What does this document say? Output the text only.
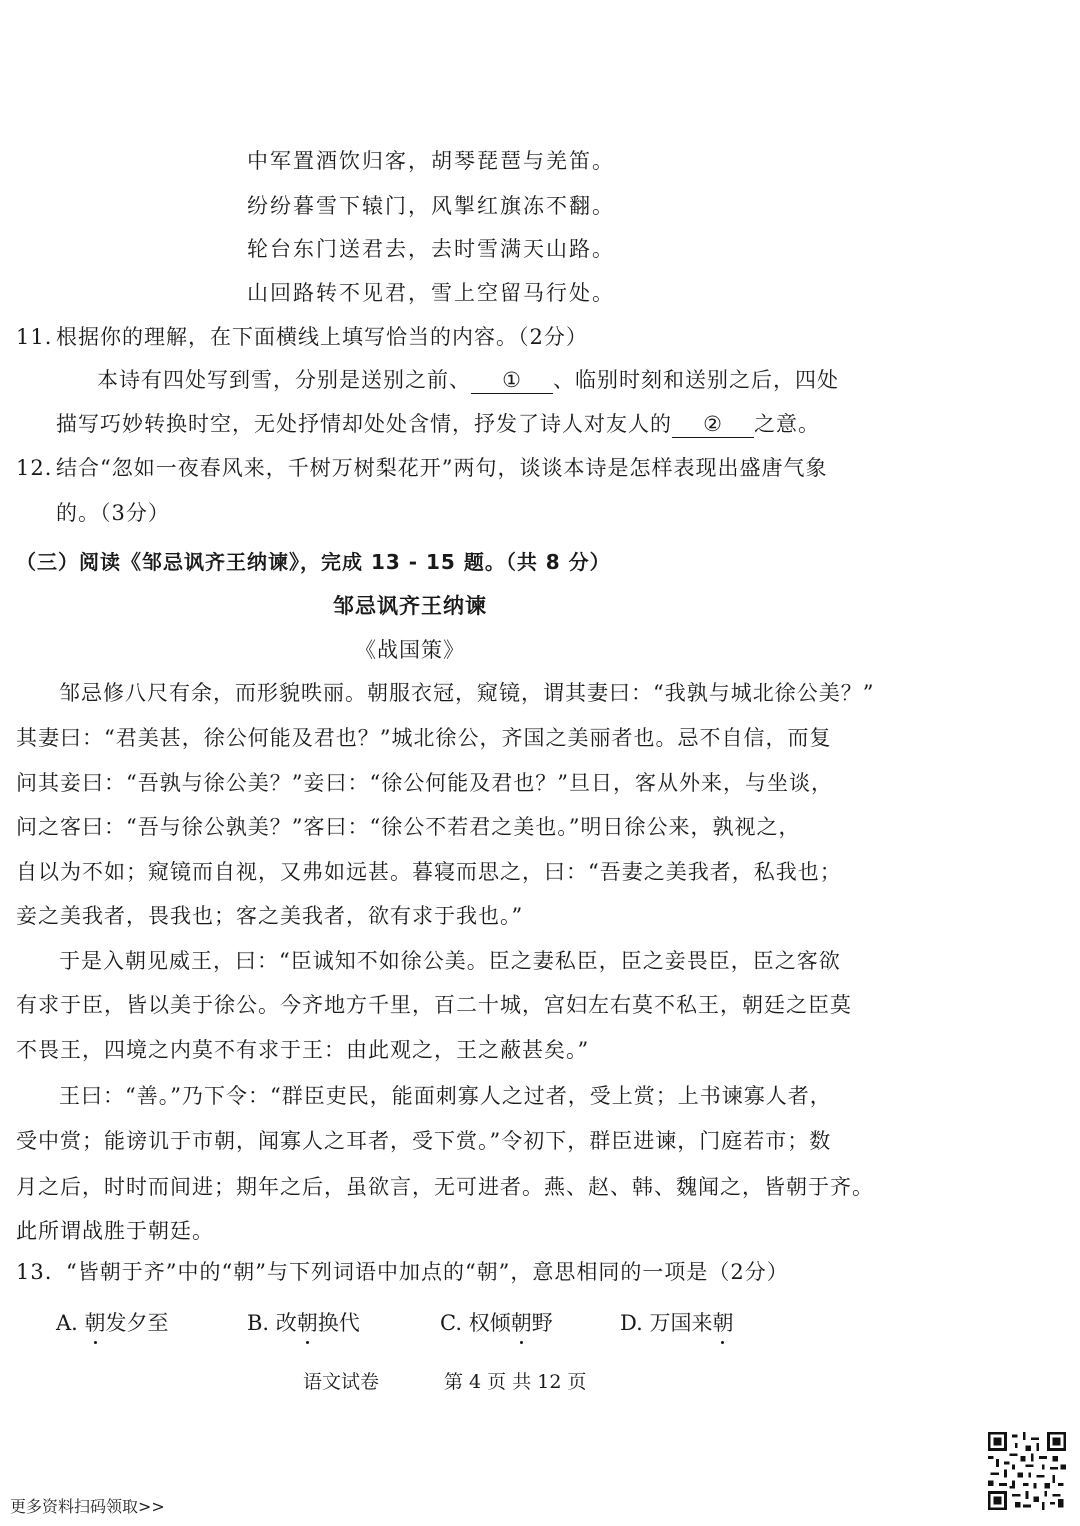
中军置酒饮归客，胡琴琵琶与羌笛。
纷纷暮雪下辕门，风掣红旗冻不翻。
轮台东门送君去，去时雪满天山路。
山回路转不见君，雪上空留马行处。
11. 根据你的理解，在下面横线上填写恰当的内容。（2分）
本诗有四处写到雪，分别是送别之前、 ① 、临别时刻和送别之后，四处
描写巧妙转换时空，无处抒情却处处含情，抒发了诗人对友人的 ② 之意。
12. 结合“忽如一夜春风来，千树万树梨花开”两句，谈谈本诗是怎样表现出盛唐气象
的。（3分）
（三）阅读《邹忌讽齐王纳谏》，完成 13 - 15 题。（共 8 分）
邹忌讽齐王纳谏
《战国策》
邹忌修八尺有余，而形貌昳丽。朝服衣冠，窥镜，谓其妻曰：“我孰与城北徐公美？”
其妻曰：“君美甚，徐公何能及君也？”城北徐公，齐国之美丽者也。忌不自信，而复
问其妾曰：“吾孰与徐公美？”妾曰：“徐公何能及君也？”旦日，客从外来，与坐谈，
问之客曰：“吾与徐公孰美？”客曰：“徐公不若君之美也。”明日徐公来，孰视之，
自以为不如；窥镜而自视，又弗如远甚。暮寝而思之，曰：“吾妻之美我者，私我也；
妾之美我者，畏我也；客之美我者，欲有求于我也。”
于是入朝见威王，曰：“臣诚知不如徐公美。臣之妻私臣，臣之妾畏臣，臣之客欲
有求于臣，皆以美于徐公。今齐地方千里，百二十城，宫妇左右莫不私王，朝廷之臣莫
不畏王，四境之内莫不有求于王：由此观之，王之蔽甚矣。”
王曰：“善。”乃下令：“群臣吏民，能面刺寡人之过者，受上赏；上书谏寡人者，
受中赏；能谤讥于市朝，闻寡人之耳者，受下赏。”令初下，群臣进谏，门庭若市；数
月之后，时时而间进；期年之后，虽欲言，无可进者。燕、赵、韩、魏闻之，皆朝于齐。
此所谓战胜于朝廷。
13. “皆朝于齐”中的“朝”与下列词语中加点的“朝”，意思相同的一项是（2分）
A. 朝发夕至	B. 改朝换代	C. 权倾朝野	D. 万国来朝
语文试卷	第 4 页 共 12 页
更多资料扫码领取>>
